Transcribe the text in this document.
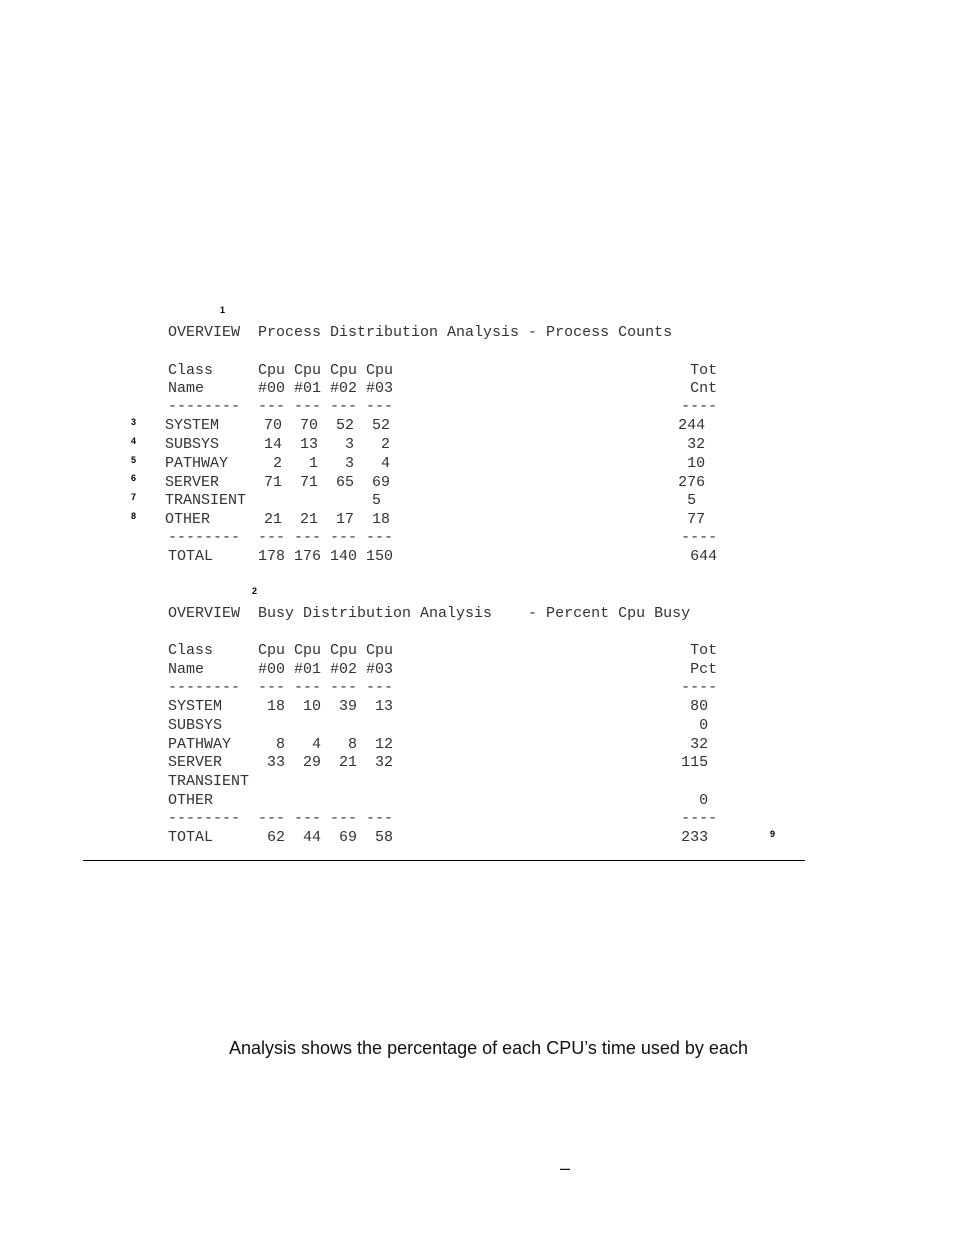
1
OVERVIEW  Process Distribution Analysis - Process Counts
Class     Cpu Cpu Cpu Cpu                                 Tot
Name      #00 #01 #02 #03                                 Cnt
--------  --- --- --- ---                                ----
3 SYSTEM     70  70  52  52                                244
4 SUBSYS     14  13   3   2                                 32
5 PATHWAY     2   1   3   4                                 10
6 SERVER     71  71  65  69                                276
7 TRANSIENT              5                                  5
8 OTHER      21  21  17  18                                 77
--------  --- --- --- ---                                ----
TOTAL     178 176 140 150                                 644
2
OVERVIEW  Busy Distribution Analysis    - Percent Cpu Busy
Class     Cpu Cpu Cpu Cpu                                 Tot
Name      #00 #01 #02 #03                                 Pct
--------  --- --- --- ---                                ----
SYSTEM     18  10  39  13                                 80
SUBSYS                                                     0
PATHWAY     8   4   8  12                                 32
SERVER     33  29  21  32                                115
TRANSIENT
OTHER                                                      0
--------  --- --- --- ---                                ----
TOTAL      62  44  69  58                                233	9
Analysis shows the percentage of each CPU’s time used by each
–
